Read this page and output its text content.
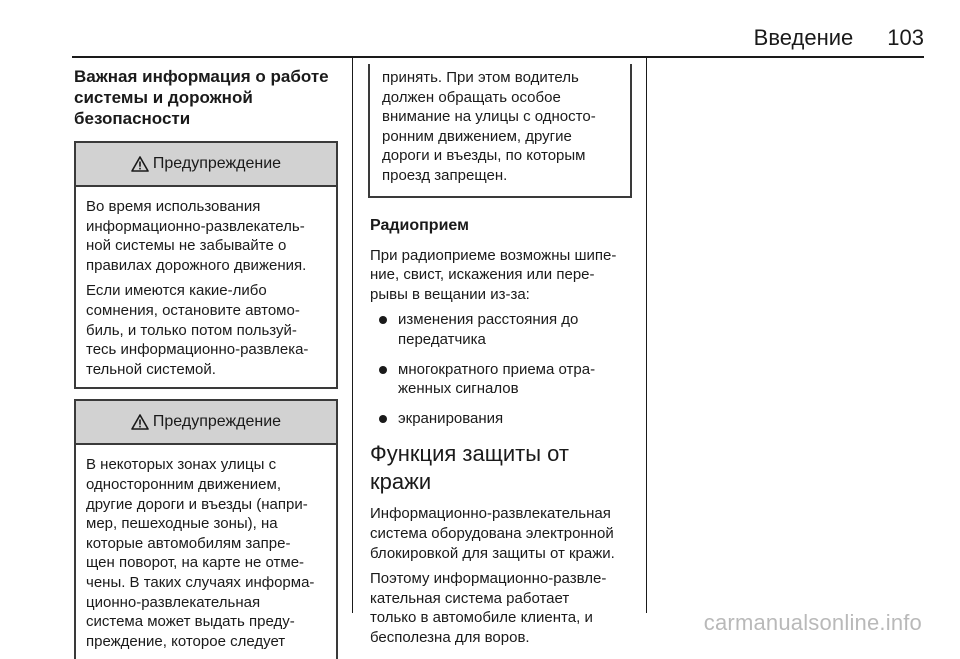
Введение 103
Важная информация о работе
системы и дорожной
безопасности
Предупреждение

Во время использования
информационно-развлекатель-
ной системы не забывайте о
правилах дорожного движения.

Если имеются какие-либо
сомнения, остановите автомо-
биль, и только потом пользуй-
тесь информационно-развлека-
тельной системой.

Предупреждение

В некоторых зонах улицы с
односторонним движением,
другие дороги и въезды (напри-
мер, пешеходные зоны), на
которые автомобилям запре-
щен поворот, на карте не отме-
чены. В таких случаях информа-
ционно-развлекательная
система может выдать преду-
преждение, которое следует

принять. При этом водитель
должен обращать особое
внимание на улицы с односто-
ронним движением, другие
дороги и въезды, по которым
проезд запрещен.

Радиоприем

При радиоприеме возможны шипе-
ние, свист, искажения или пере-
рывы в вещании из-за:

изменения расстояния до
передатчика
многократного приема отра-
женных сигналов
экранирования
Функция защиты от кражи

Информационно-развлекательная
система оборудована электронной
блокировкой для защиты от кражи.

Поэтому информационно-развле-
кательная система работает
только в автомобиле клиента, и
бесполезна для воров.

carmanualsonline.info
